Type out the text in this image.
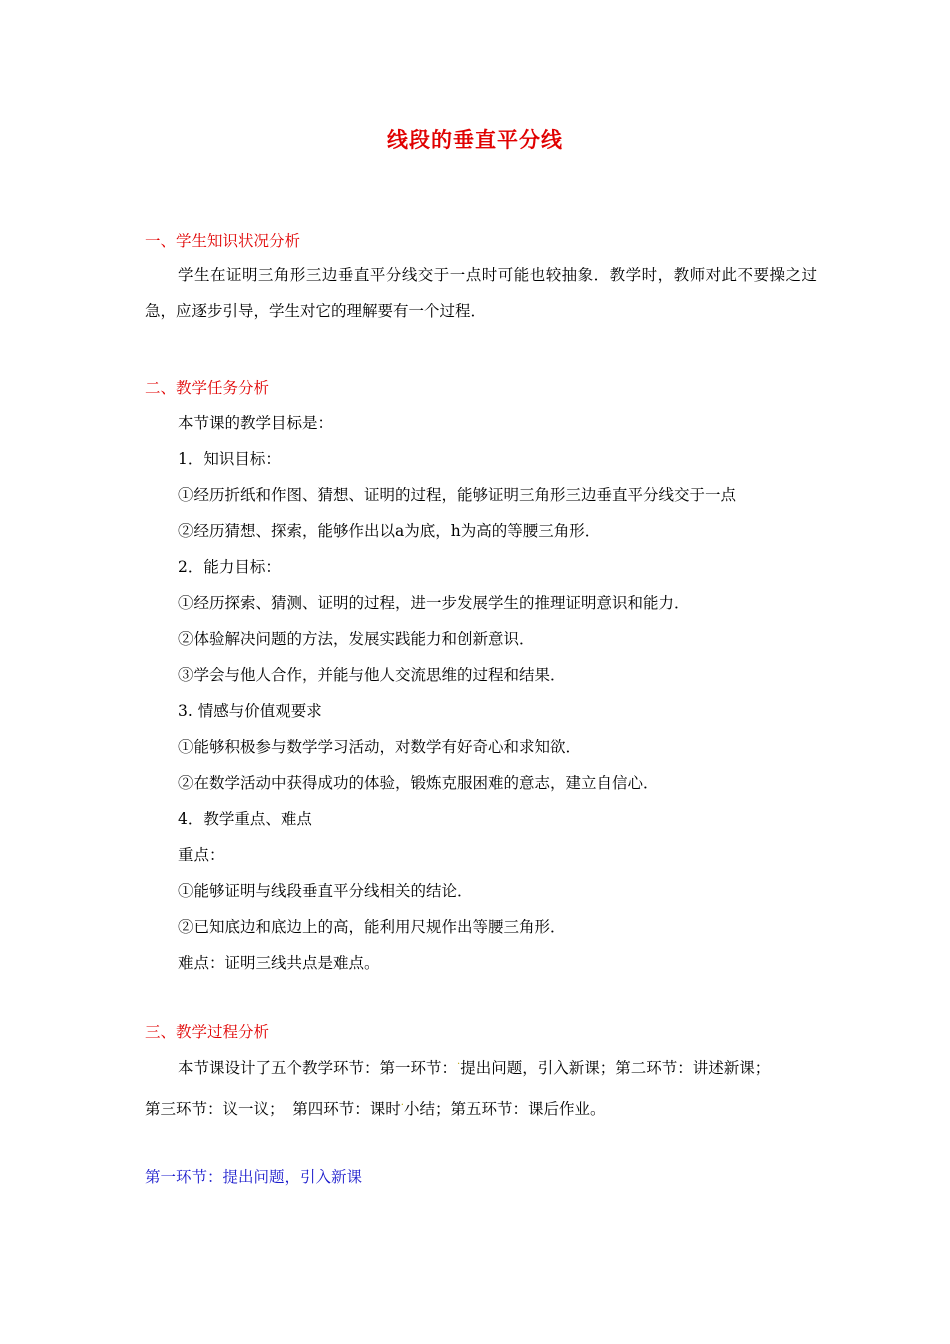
线段的垂直平分线
一、学生知识状况分析
学生在证明三角形三边垂直平分线交于一点时可能也较抽象．教学时，教师对此不要操之过急，应逐步引导，学生对它的理解要有一个过程．
二、教学任务分析
本节课的教学目标是：
1．知识目标：
①经历折纸和作图、猜想、证明的过程，能够证明三角形三边垂直平分线交于一点
②经历猜想、探索，能够作出以a为底，h为高的等腰三角形．
2．能力目标：
①经历探索、猜测、证明的过程，进一步发展学生的推理证明意识和能力．
②体验解决问题的方法，发展实践能力和创新意识．
③学会与他人合作，并能与他人交流思维的过程和结果．
3. 情感与价值观要求
①能够积极参与数学学习活动，对数学有好奇心和求知欲．
②在数学活动中获得成功的体验，锻炼克服困难的意志，建立自信心．
4．教学重点、难点
重点：
①能够证明与线段垂直平分线相关的结论．
②已知底边和底边上的高，能利用尺规作出等腰三角形．
难点：证明三线共点是难点。
三、教学过程分析
本节课设计了五个教学环节：第一环节：.提出问题，引入新课；第二环节：讲述新课；
第三环节：议一议；　第四环节：课时.小结；第五环节：课后作业。
第一环节：提出问题，引入新课
